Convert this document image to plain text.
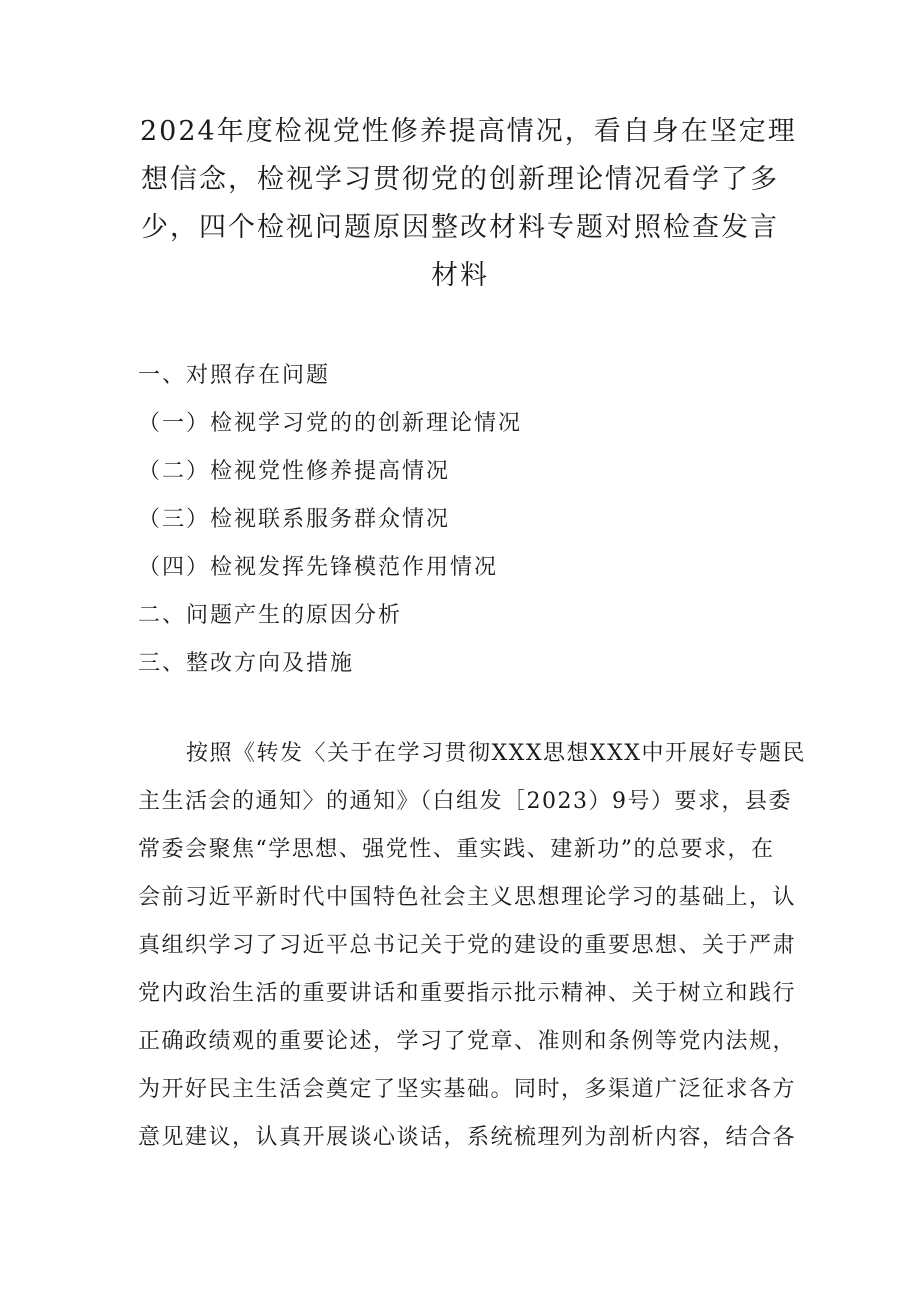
2024年度检视党性修养提高情况，看自身在坚定理
想信念，检视学习贯彻党的创新理论情况看学了多
少，四个检视问题原因整改材料专题对照检查发言
材料
一、对照存在问题
（一）检视学习党的的创新理论情况
（二）检视党性修养提高情况
（三）检视联系服务群众情况
（四）检视发挥先锋模范作用情况
二、问题产生的原因分析
三、整改方向及措施
按照《转发〈关于在学习贯彻XXX思想XXX中开展好专题民
主生活会的通知〉的通知》（白组发［2023）9号）要求，县委
常委会聚焦“学思想、强党性、重实践、建新功”的总要求，在
会前习近平新时代中国特色社会主义思想理论学习的基础上，认
真组织学习了习近平总书记关于党的建设的重要思想、关于严肃
党内政治生活的重要讲话和重要指示批示精神、关于树立和践行
正确政绩观的重要论述，学习了党章、准则和条例等党内法规，
为开好民主生活会奠定了坚实基础。同时，多渠道广泛征求各方
意见建议，认真开展谈心谈话，系统梳理列为剖析内容，结合各
